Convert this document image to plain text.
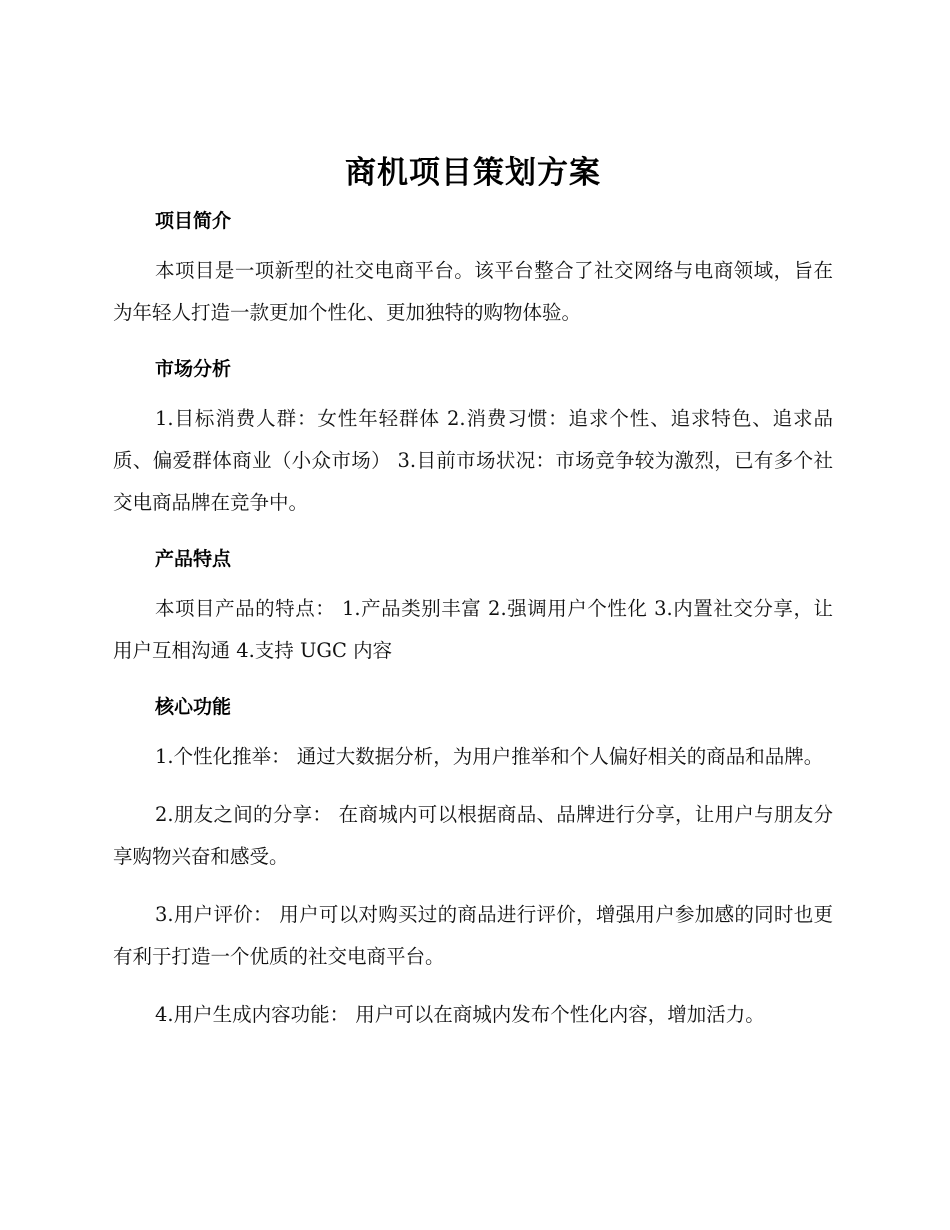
商机项目策划方案
项目简介

本项目是一项新型的社交电商平台。该平台整合了社交网络与电商领域，旨在为年轻人打造一款更加个性化、更加独特的购物体验。

市场分析

1.目标消费人群：女性年轻群体 2.消费习惯：追求个性、追求特色、追求品质、偏爱群体商业（小众市场） 3.目前市场状况：市场竞争较为激烈，已有多个社交电商品牌在竞争中。

产品特点

本项目产品的特点： 1.产品类别丰富 2.强调用户个性化 3.内置社交分享，让用户互相沟通 4.支持 UGC 内容

核心功能

1.个性化推举： 通过大数据分析，为用户推举和个人偏好相关的商品和品牌。

2.朋友之间的分享： 在商城内可以根据商品、品牌进行分享，让用户与朋友分享购物兴奋和感受。

3.用户评价： 用户可以对购买过的商品进行评价，增强用户参加感的同时也更有利于打造一个优质的社交电商平台。

4.用户生成内容功能： 用户可以在商城内发布个性化内容，增加活力。
